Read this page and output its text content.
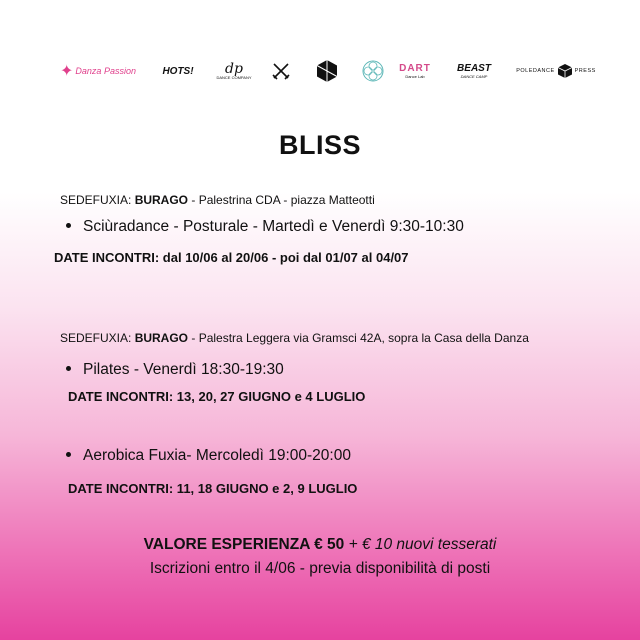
✦ Danza Passion	HOTS! dp
DANCE COMPANY
DART
Dance Lab
BEAST
DANCE CAMP
POLEDANCE	PRESS
BLISS
SEDEFUXIA: BURAGO - Palestrina CDA - piazza Matteotti
Sciùradance - Posturale - Martedì e Venerdì 9:30-10:30
DATE INCONTRI: dal 10/06 al 20/06 - poi dal 01/07 al 04/07
SEDEFUXIA: BURAGO - Palestra Leggera via Gramsci 42A, sopra la Casa della Danza
Pilates - Venerdì 18:30-19:30
DATE INCONTRI: 13, 20, 27 GIUGNO e 4 LUGLIO
Aerobica Fuxia- Mercoledì 19:00-20:00
DATE INCONTRI: 11, 18 GIUGNO e 2, 9 LUGLIO
VALORE ESPERIENZA € 50 + € 10 nuovi tesserati
Iscrizioni entro il 4/06 - previa disponibilità di posti
